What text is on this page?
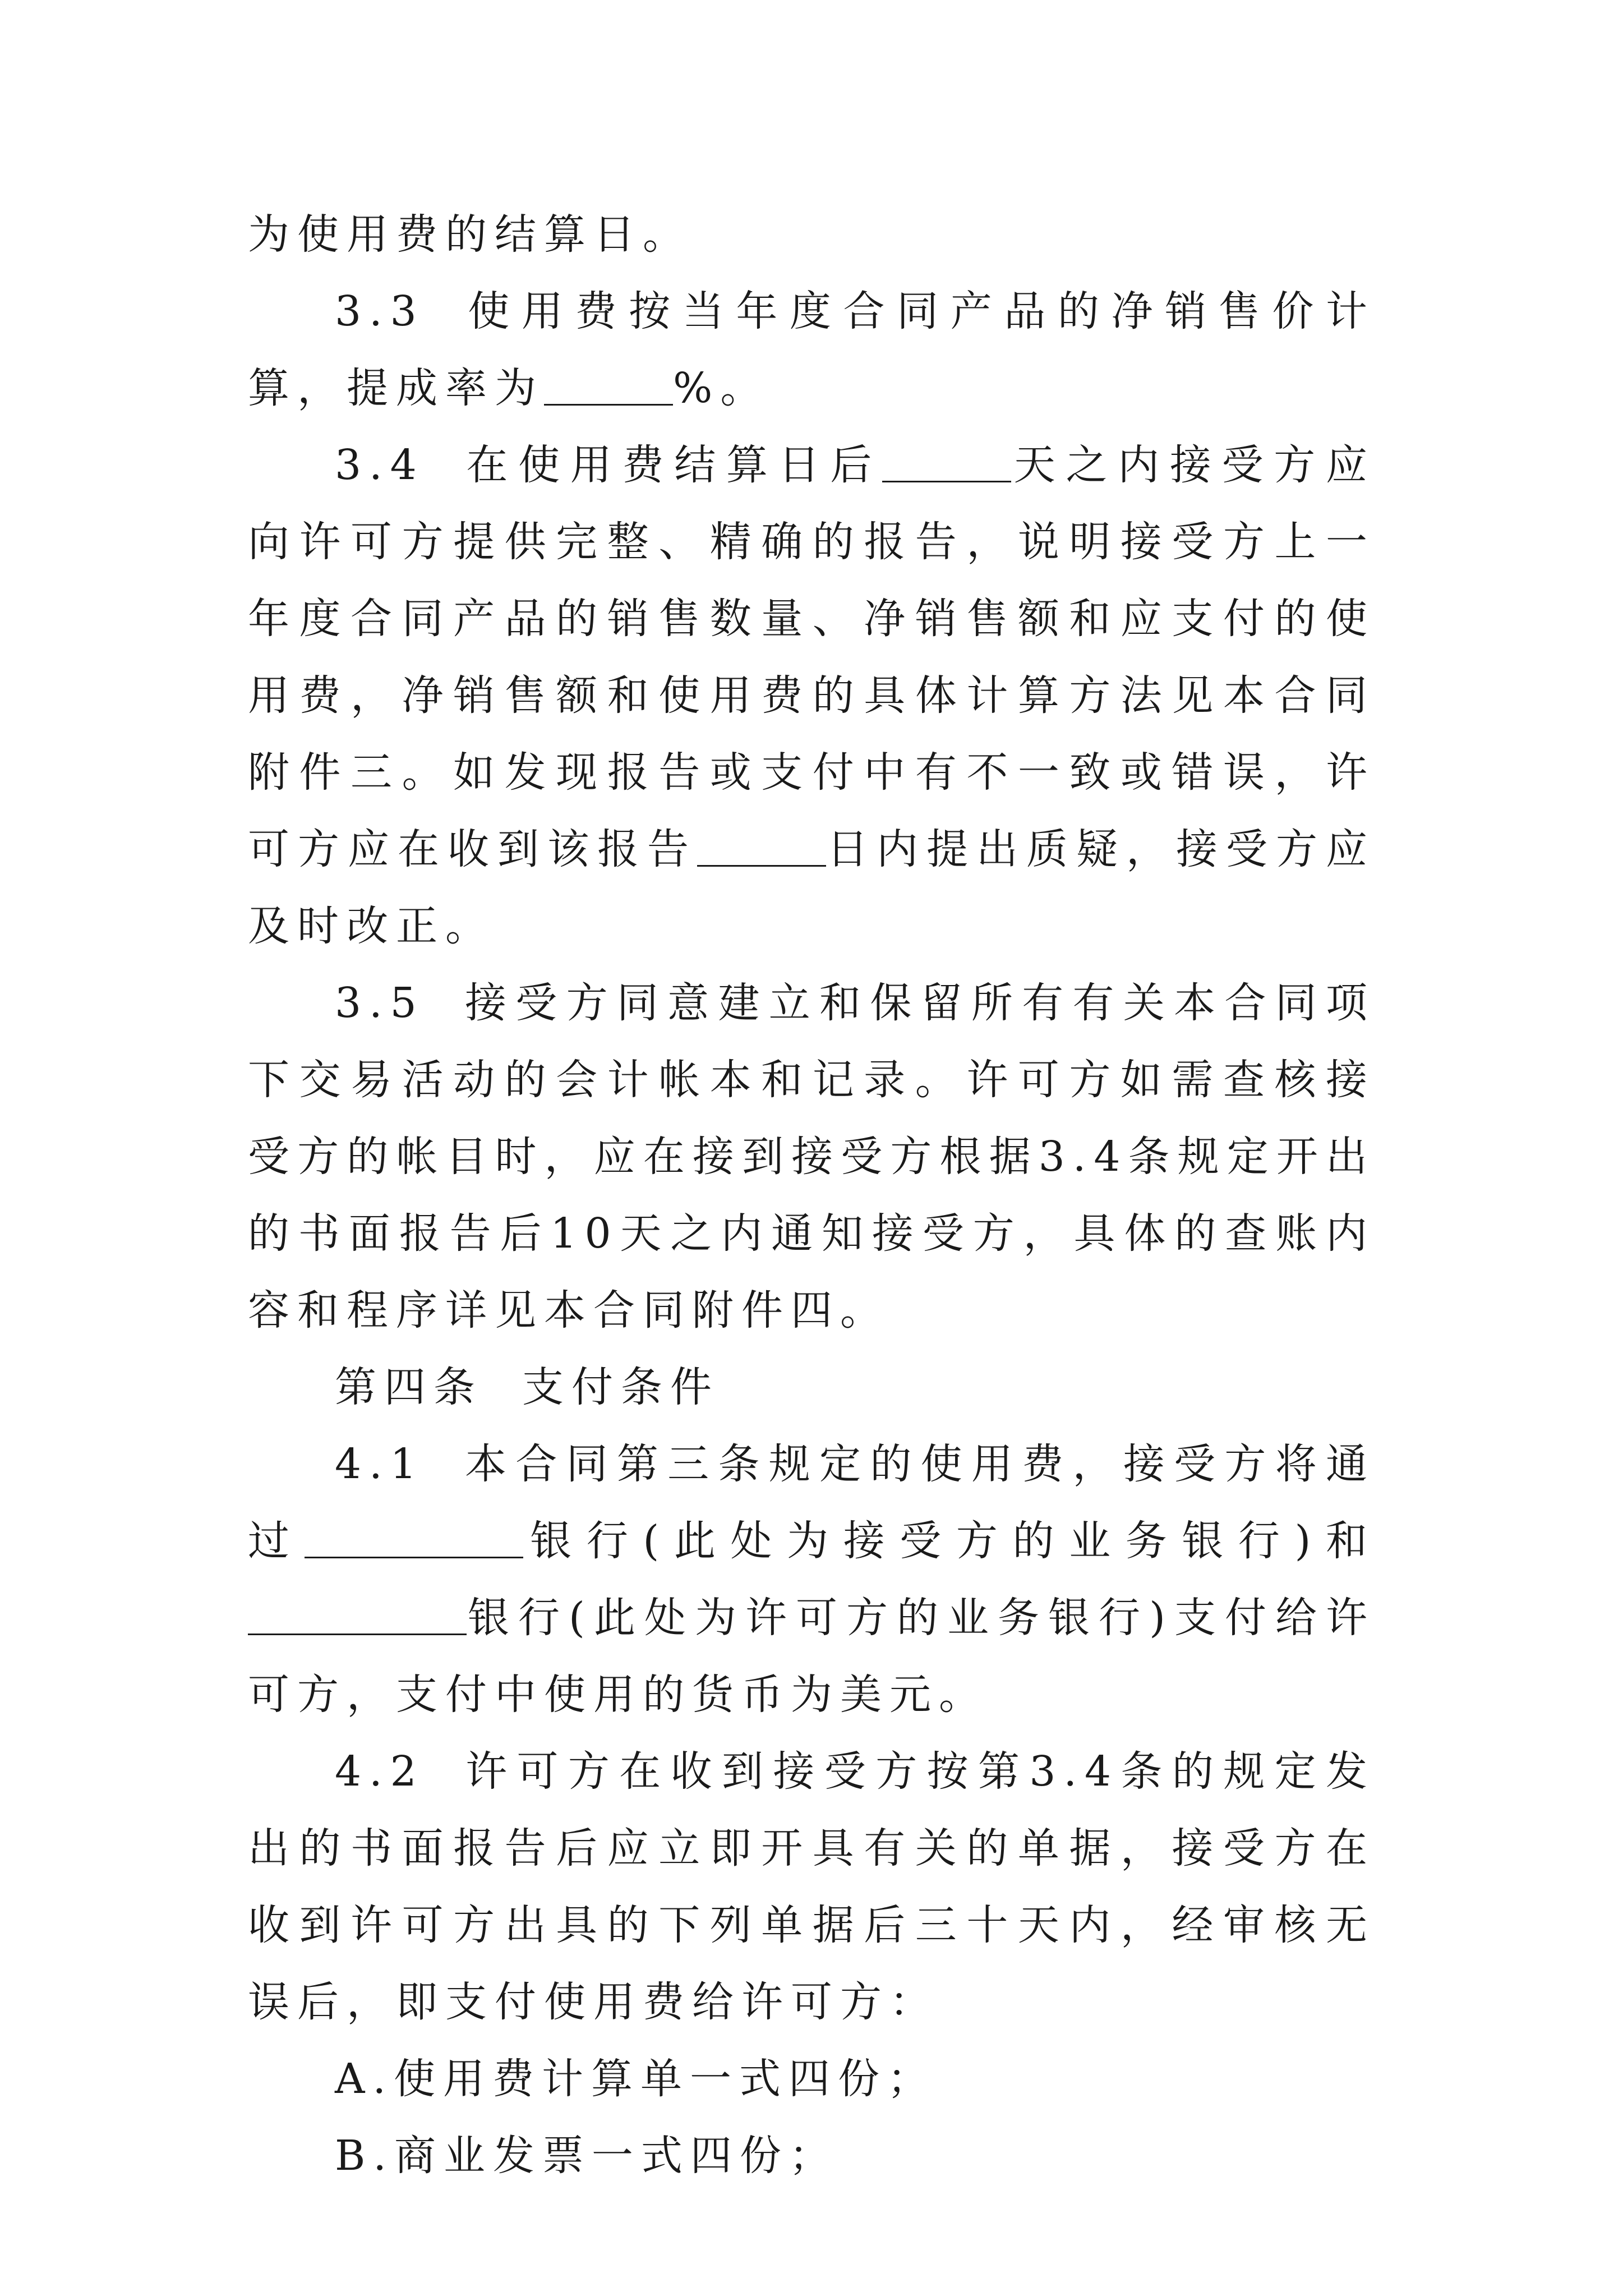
为使用费的结算日。

3.3 使用费按当年度合同产品的净销售价计算，提成率为	%。

3.4 在使用费结算日后	天之内接受方应向许可方提供完整、精确的报告，说明接受方上一年度合同产品的销售数量、净销售额和应支付的使用费，净销售额和使用费的具体计算方法见本合同附件三。如发现报告或支付中有不一致或错误，许可方应在收到该报告	日内提出质疑，接受方应及时改正。

3.5 接受方同意建立和保留所有有关本合同项下交易活动的会计帐本和记录。许可方如需查核接受方的帐目时，应在接到接受方根据3.4条规定开出的书面报告后10天之内通知接受方，具体的查账内容和程序详见本合同附件四。

第四条 支付条件

4.1 本合同第三条规定的使用费，接受方将通过	银行(此处为接受方的业务银行)和银行(此处为许可方的业务银行)支付给许可方，支付中使用的货币为美元。

4.2 许可方在收到接受方按第3.4条的规定发出的书面报告后应立即开具有关的单据，接受方在收到许可方出具的下列单据后三十天内，经审核无误后，即支付使用费给许可方：

A.使用费计算单一式四份；

B.商业发票一式四份；
